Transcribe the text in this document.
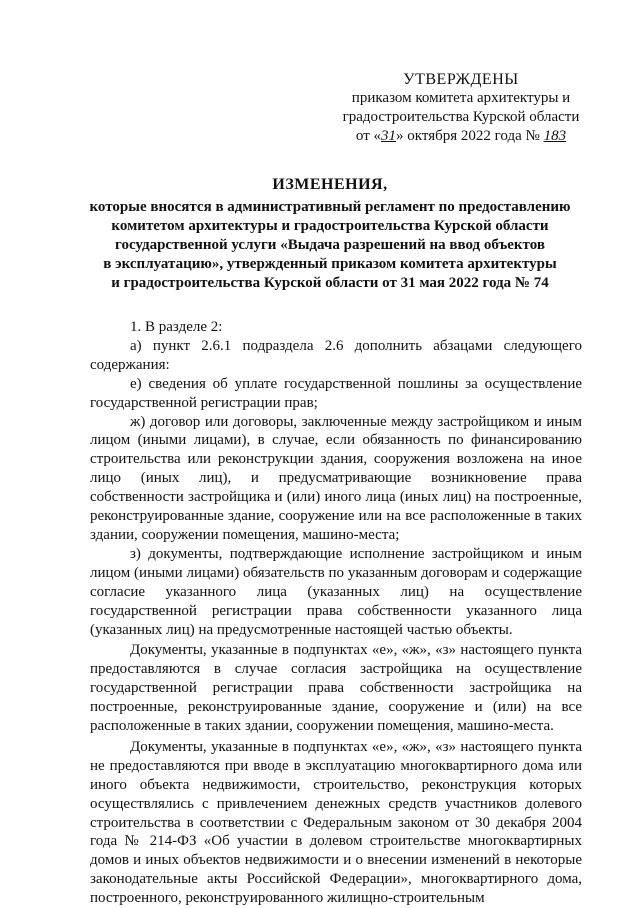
УТВЕРЖДЕНЫ
приказом комитета архитектуры и
градостроительства Курской области
от «31» октября 2022 года № 183
ИЗМЕНЕНИЯ,
которые вносятся в административный регламент по предоставлению
комитетом архитектуры и градостроительства Курской области
государственной услуги «Выдача разрешений на ввод объектов
в эксплуатацию», утвержденный приказом комитета архитектуры
и градостроительства Курской области от 31 мая 2022 года № 74

1. В разделе 2:

а) пункт 2.6.1 подраздела 2.6 дополнить абзацами следующего содержания:

е) сведения об уплате государственной пошлины за осуществление государственной регистрации прав;

ж) договор или договоры, заключенные между застройщиком и иным лицом (иными лицами), в случае, если обязанность по финансированию строительства или реконструкции здания, сооружения возложена на иное лицо (иных лиц), и предусматривающие возникновение права собственности застройщика и (или) иного лица (иных лиц) на построенные, реконструированные здание, сооружение или на все расположенные в таких здании, сооружении помещения, машино-места;

з) документы, подтверждающие исполнение застройщиком и иным лицом (иными лицами) обязательств по указанным договорам и содержащие согласие указанного лица (указанных лиц) на осуществление государственной регистрации права собственности указанного лица (указанных лиц) на предусмотренные настоящей частью объекты.

Документы, указанные в подпунктах «е», «ж», «з» настоящего пункта предоставляются в случае согласия застройщика на осуществление государственной регистрации права собственности застройщика на построенные, реконструированные здание, сооружение и (или) на все расположенные в таких здании, сооружении помещения, машино-места.

Документы, указанные в подпунктах «е», «ж», «з» настоящего пункта не предоставляются при вводе в эксплуатацию многоквартирного дома или иного объекта недвижимости, строительство, реконструкция которых осуществлялись с привлечением денежных средств участников долевого строительства в соответствии с Федеральным законом от 30 декабря 2004 года № 214-ФЗ «Об участии в долевом строительстве многоквартирных домов и иных объектов недвижимости и о внесении изменений в некоторые законодательные акты Российской Федерации», многоквартирного дома, построенного, реконструированного жилищно-строительным
